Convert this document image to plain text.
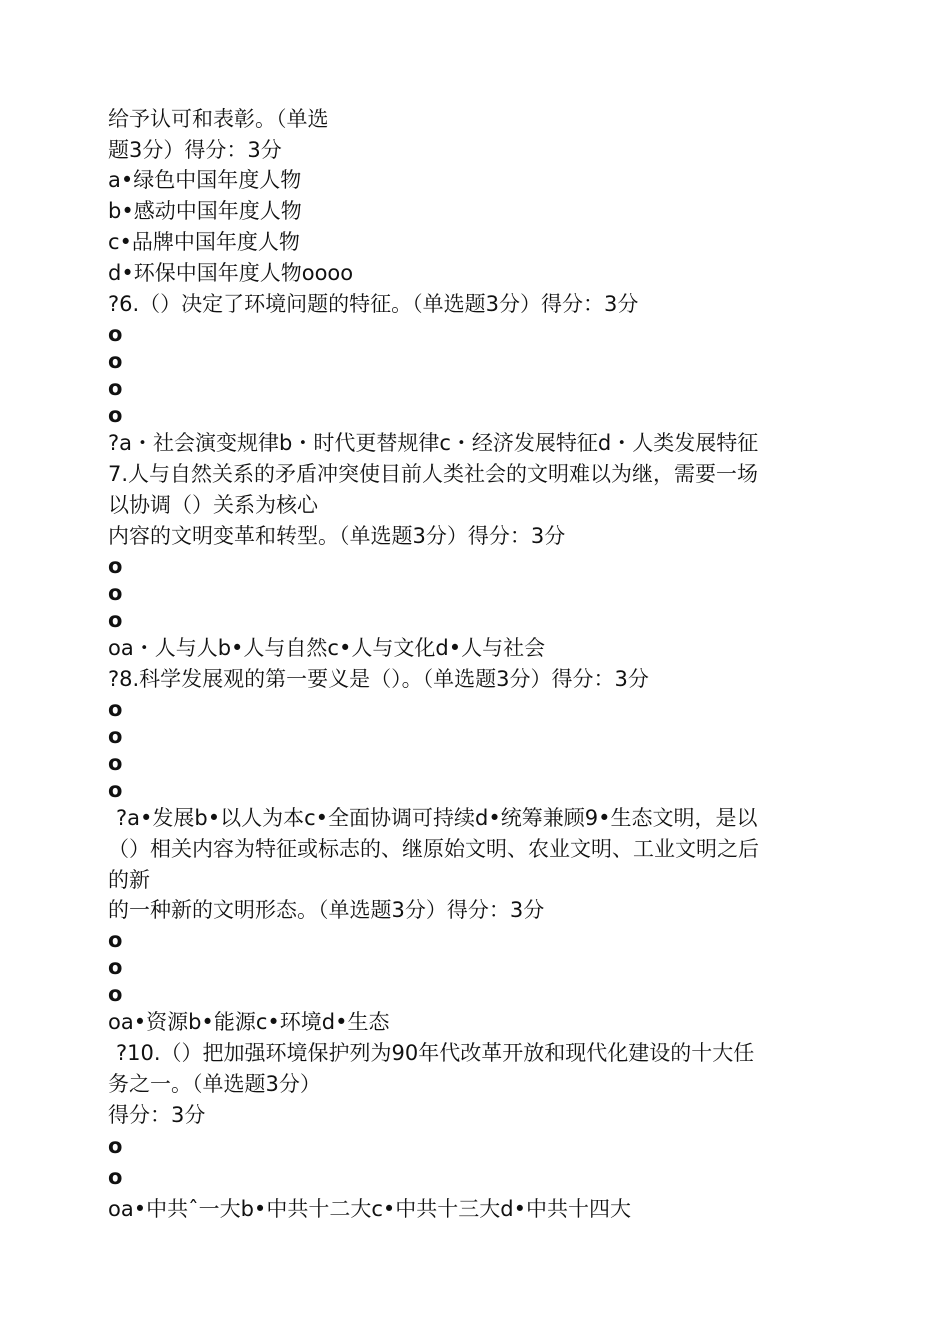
给予认可和表彰。（单选
题3分）得分：3分
a•绿色中国年度人物
b•感动中国年度人物
c•品牌中国年度人物
d•环保中国年度人物oooo
?6.（）决定了环境问题的特征。（单选题3分）得分：3分
o
o
o
o
?a・社会演变规律b・时代更替规律c・经济发展特征d・人类发展特征
7.人与自然关系的矛盾冲突使目前人类社会的文明难以为继，需要一场
以协调（）关系为核心
内容的文明变革和转型。（单选题3分）得分：3分
o
o
o
oa・人与人b•人与自然c•人与文化d•人与社会
?8.科学发展观的第一要义是（）。（单选题3分）得分：3分
o
o
o
o
?a•发展b•以人为本c•全面协调可持续d•统筹兼顾9•生态文明，是以
（）相关内容为特征或标志的、继原始文明、农业文明、工业文明之后
的新
的一种新的文明形态。（单选题3分）得分：3分
o
o
o
oa•资源b•能源c•环境d•生态
?10.（）把加强环境保护列为90年代改革开放和现代化建设的十大任
务之一。（单选题3分）
得分：3分
o
o
oa•中共ˆ一大b•中共十二大c•中共十三大d•中共十四大
